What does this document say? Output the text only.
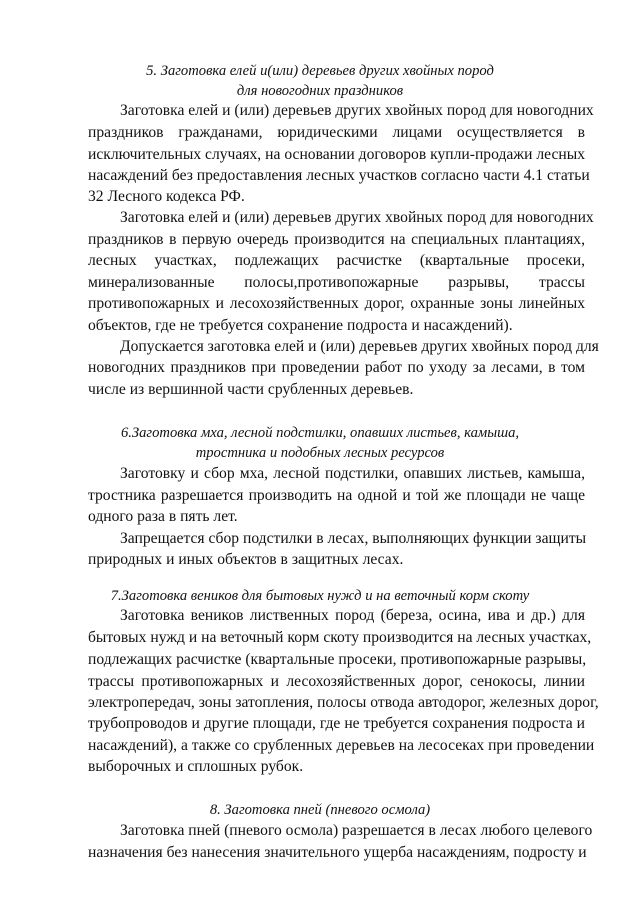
5. Заготовка елей и(или) деревьев других хвойных пород
для новогодних праздников
Заготовка елей и (или) деревьев других хвойных пород для новогодних
праздников гражданами, юридическими лицами осуществляется в
исключительных случаях, на основании договоров купли-продажи лесных
насаждений без предоставления лесных участков согласно части 4.1 статьи
32 Лесного кодекса РФ.
Заготовка елей и (или) деревьев других хвойных пород для новогодних
праздников в первую очередь производится на специальных плантациях,
лесных участках, подлежащих расчистке (квартальные просеки,
минерализованные полосы,противопожарные разрывы, трассы
противопожарных и лесохозяйственных дорог, охранные зоны линейных
объектов, где не требуется сохранение подроста и насаждений).
Допускается заготовка елей и (или) деревьев других хвойных пород для
новогодних праздников при проведении работ по уходу за лесами, в том
числе из вершинной части срубленных деревьев.
6.Заготовка мха, лесной подстилки, опавших листьев, камыша,
тростника и подобных лесных ресурсов
Заготовку и сбор мха, лесной подстилки, опавших листьев, камыша,
тростника разрешается производить на одной и той же площади не чаще
одного раза в пять лет.
Запрещается сбор подстилки в лесах, выполняющих функции защиты
природных и иных объектов в защитных лесах.
7.Заготовка веников для бытовых нужд и на веточный корм скоту
Заготовка веников лиственных пород (береза, осина, ива и др.) для
бытовых нужд и на веточный корм скоту производится на лесных участках,
подлежащих расчистке (квартальные просеки, противопожарные разрывы,
трассы противопожарных и лесохозяйственных дорог, сенокосы, линии
электропередач, зоны затопления, полосы отвода автодорог, железных дорог,
трубопроводов и другие площади, где не требуется сохранения подроста и
насаждений), а также со срубленных деревьев на лесосеках при проведении
выборочных и сплошных рубок.
8. Заготовка пней (пневого осмола)
Заготовка пней (пневого осмола) разрешается в лесах любого целевого
назначения без нанесения значительного ущерба насаждениям, подросту и
